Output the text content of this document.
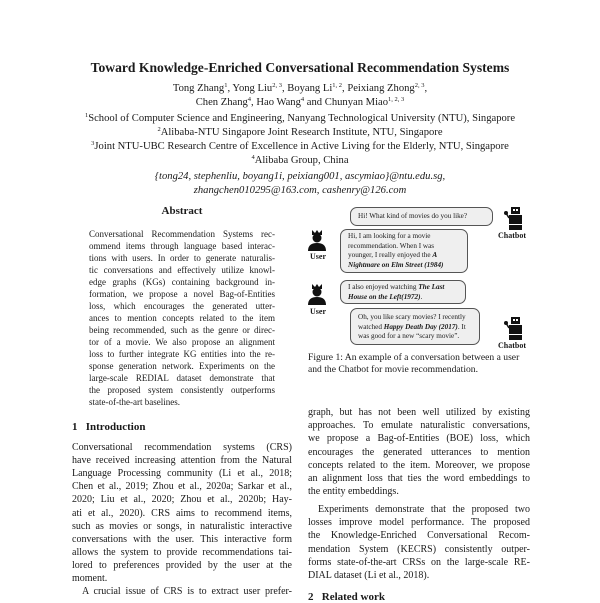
Toward Knowledge-Enriched Conversational Recommendation Systems
Tong Zhang$^1$, Yong Liu$^{2, 3}$, Boyang Li$^{1, 2}$, Peixiang Zhong$^{2, 3}$,
Chen Zhang$^4$, Hao Wang$^4$ and Chunyan Miao$^{1, 2, 3}$
$^1$School of Computer Science and Engineering, Nanyang Technological University (NTU), Singapore
$^2$Alibaba-NTU Singapore Joint Research Institute, NTU, Singapore
$^3$Joint NTU-UBC Research Centre of Excellence in Active Living for the Elderly, NTU, Singapore
$^4$Alibaba Group, China
{tong24, stephenliu, boyang1i, peixiang001, ascymiao}@ntu.edu.sg,
zhangchen010295@163.com, cashenry@126.com
Abstract
Conversational Recommendation Systems rec-
ommend items through language based interac-
tions with users. In order to generate naturalis-
tic conversations and effectively utilize knowl-
edge graphs (KGs) containing background in-
formation, we propose a novel Bag-of-Entities
loss, which encourages the generated utter-
ances to mention concepts related to the item
being recommended, such as the genre or direc-
tor of a movie. We also propose an alignment
loss to further integrate KG entities into the re-
sponse generation network. Experiments on the
large-scale REDIAL dataset demonstrate that
the proposed system consistently outperforms
state-of-the-art baselines.
Hi! What kind of movies do you like?
Chatbot
User
Hi, I am looking for a movie
recommendation. When I was
younger, I really enjoyed the A
Nightmare on Elm Street (1984)
User
I also enjoyed watching The Last
House on the Left(1972).
Oh, you like scary movies? I recently
watched Happy Death Day (2017). It
was good for a new “scary movie”.
Chatbot
Figure 1: An example of a conversation between a user
and the Chatbot for movie recommendation.
1 Introduction
Conversational recommendation systems (CRS)
have received increasing attention from the Natural
Language Processing community (Li et al., 2018;
Chen et al., 2019; Zhou et al., 2020a; Sarkar et al.,
2020; Liu et al., 2020; Zhou et al., 2020b; Hay-
ati et al., 2020). CRS aims to recommend items,
such as movies or songs, in naturalistic interactive
conversations with the user. This interactive form
allows the system to provide recommendations tai-
lored to preferences provided by the user at the
moment.
A crucial issue of CRS is to extract user prefer-
graph, but has not been well utilized by existing
approaches. To emulate naturalistic conversations,
we propose a Bag-of-Entities (BOE) loss, which
encourages the generated utterances to mention
concepts related to the item. Moreover, we propose
an alignment loss that ties the word embeddings to
the entity embeddings.
Experiments demonstrate that the proposed two
losses improve model performance. The proposed
the Knowledge-Enriched Conversational Recom-
mendation System (KECRS) consistently outper-
forms state-of-the-art CRSs on the large-scale RE-
DIAL dataset (Li et al., 2018).
2 Related work
